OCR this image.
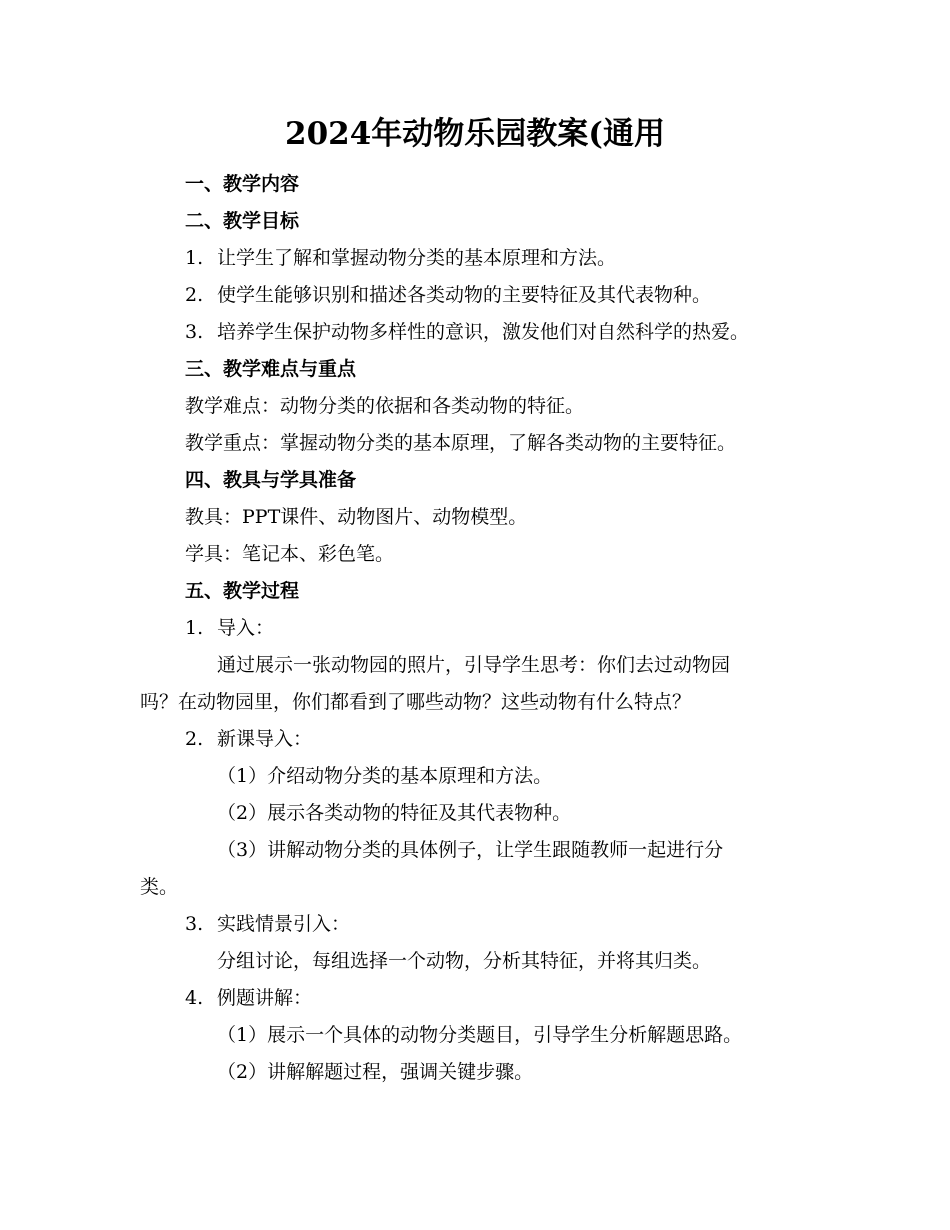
2024年动物乐园教案(通用
一、教学内容
二、教学目标
1. 让学生了解和掌握动物分类的基本原理和方法。
2. 使学生能够识别和描述各类动物的主要特征及其代表物种。
3. 培养学生保护动物多样性的意识，激发他们对自然科学的热爱。
三、教学难点与重点
教学难点：动物分类的依据和各类动物的特征。
教学重点：掌握动物分类的基本原理，了解各类动物的主要特征。
四、教具与学具准备
教具：PPT课件、动物图片、动物模型。
学具：笔记本、彩色笔。
五、教学过程
1. 导入：
通过展示一张动物园的照片，引导学生思考：你们去过动物园
吗？在动物园里，你们都看到了哪些动物？这些动物有什么特点？
2. 新课导入：
（1）介绍动物分类的基本原理和方法。
（2）展示各类动物的特征及其代表物种。
（3）讲解动物分类的具体例子，让学生跟随教师一起进行分
类。
3. 实践情景引入：
分组讨论，每组选择一个动物，分析其特征，并将其归类。
4. 例题讲解：
（1）展示一个具体的动物分类题目，引导学生分析解题思路。
（2）讲解解题过程，强调关键步骤。
